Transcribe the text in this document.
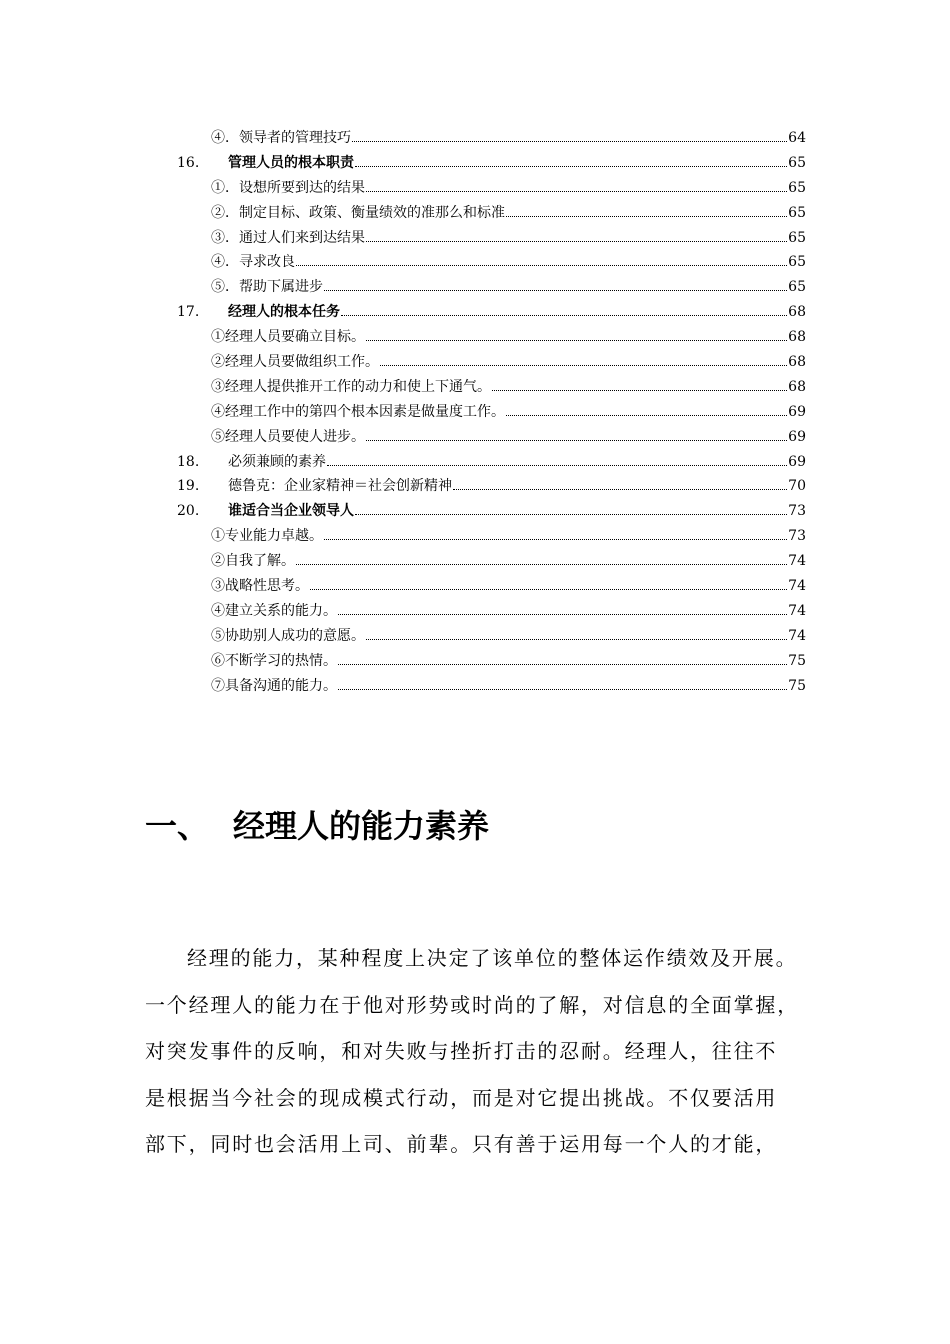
④．领导者的管理技巧	64
16.	管理人员的根本职责	65
①．设想所要到达的结果	65
②．制定目标、政策、衡量绩效的准那么和标准	65
③．通过人们来到达结果	65
④．寻求改良	65
⑤．帮助下属进步	65
17.	经理人的根本任务	68
①经理人员要确立目标。	68
②经理人员要做组织工作。	68
③经理人提供推开工作的动力和使上下通气。	68
④经理工作中的第四个根本因素是做量度工作。	69
⑤经理人员要使人进步。	69
18.	必须兼顾的素养	69
19.	德鲁克：企业家精神＝社会创新精神	70
20.	谁适合当企业领导人	73
①专业能力卓越。	73
②自我了解。	74
③战略性思考。	74
④建立关系的能力。	74
⑤协助别人成功的意愿。	74
⑥不断学习的热情。	75
⑦具备沟通的能力。	75
一、 经理人的能力素养
经理的能力，某种程度上决定了该单位的整体运作绩效及开展。
一个经理人的能力在于他对形势或时尚的了解，对信息的全面掌握，
对突发事件的反响，和对失败与挫折打击的忍耐。经理人，往往不
是根据当今社会的现成模式行动，而是对它提出挑战。不仅要活用
部下，同时也会活用上司、前辈。只有善于运用每一个人的才能，
